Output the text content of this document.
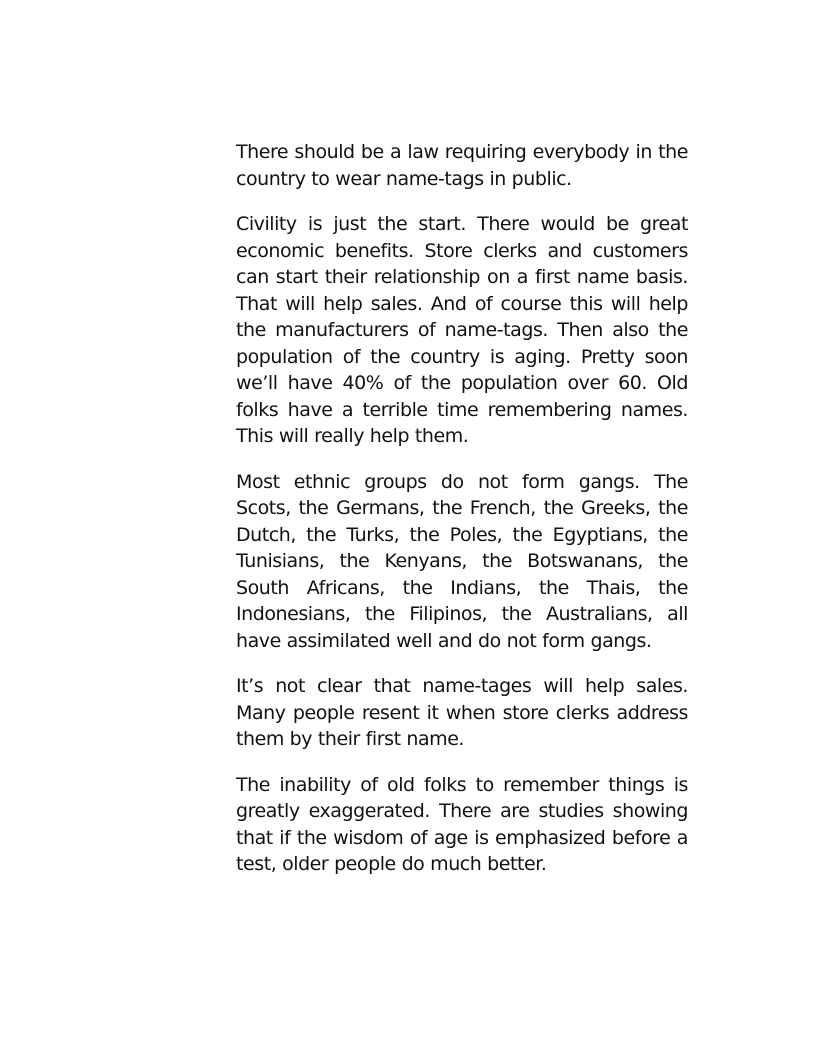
There should be a law requiring everybody in the country to wear name-tags in public.

Civility is just the start. There would be great economic benefits. Store clerks and customers can start their relationship on a first name basis. That will help sales. And of course this will help the manufacturers of name-tags. Then also the population of the country is aging. Pretty soon we’ll have 40% of the population over 60. Old folks have a terrible time remembering names. This will really help them.

Most ethnic groups do not form gangs. The Scots, the Germans, the French, the Greeks, the Dutch, the Turks, the Poles, the Egyptians, the Tunisians, the Kenyans, the Botswanans, the South Africans, the Indians, the Thais, the Indonesians, the Filipinos, the Australians, all have assimilated well and do not form gangs.

It’s not clear that name-tages will help sales. Many people resent it when store clerks address them by their first name.

The inability of old folks to remember things is greatly exaggerated. There are studies showing that if the wisdom of age is emphasized before a test, older people do much better.
